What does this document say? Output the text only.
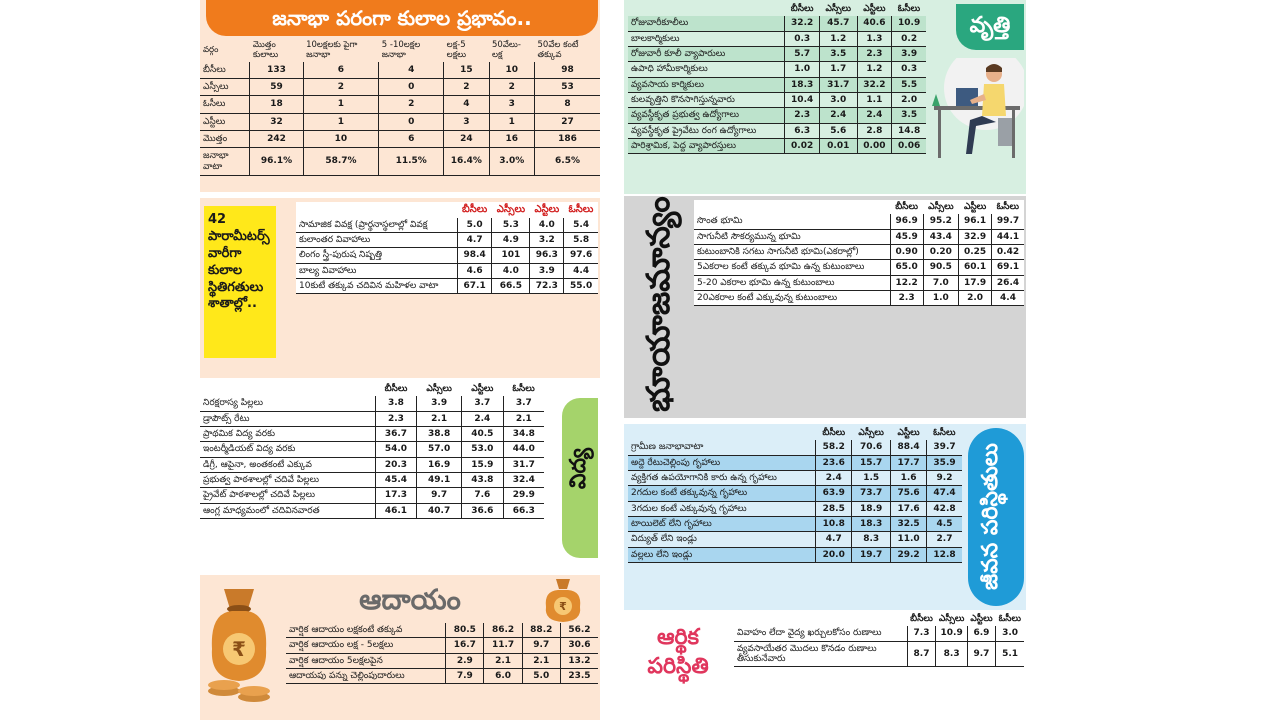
జనాభా పరంగా కులాల ప్రభావం..
వర్గం	మొత్తం కులాలు	10లక్షలకు పైగా జనాభా	5 -10లక్షల జనాభా	లక్ష-5 లక్షలు	50వేలు- లక్ష	50వేల కంటే తక్కువ
బీసీలు	133	6	4	15	10	98
ఎస్సీలు	59	2	0	2	2	53
ఓసీలు	18	1	2	4	3	8
ఎస్టీలు	32	1	0	3	1	27
మొత్తం	242	10	6	24	16	186
జనాభా వాటా	96.1%	58.7%	11.5%	16.4%	3.0%	6.5%
42 పారామీటర్స్ వారీగా కులాల స్థితిగతులు శాతాల్లో..
	బీసీలు	ఎస్సీలు	ఎస్టీలు	ఓసీలు
సామాజిక వివక్ష (ప్రార్థనాస్థలాల్లో వివక్ష	5.0	5.3	4.0	5.4
కులాంతర వివాహాలు	4.7	4.9	3.2	5.8
లింగం స్త్రీ-పురుష నిష్పత్తి	98.4	101	96.3	97.6
బాల్య వివాహాలు	4.6	4.0	3.9	4.4
10కుటే తక్కువ చదివిన మహిళల వాటా	67.1	66.5	72.3	55.0
	బీసీలు	ఎస్సీలు	ఎస్టీలు	ఓసీలు
నిరక్షరాస్య పిల్లలు	3.8	3.9	3.7	3.7
డ్రాపౌట్స్ రేటు	2.3	2.1	2.4	2.1
ప్రాథమిక విద్య వరకు	36.7	38.8	40.5	34.8
ఇంటర్మీడియట్ విద్య వరకు	54.0	57.0	53.0	44.0
డిగ్రీ, ఆపైనా, అంతకంటే ఎక్కువ	20.3	16.9	15.9	31.7
ప్రభుత్వ పాఠశాలల్లో చదివే పిల్లలు	45.4	49.1	43.8	32.4
ప్రైవేట్ పాఠశాలల్లో చదివే పిల్లలు	17.3	9.7	7.6	29.9
ఆంగ్ల మాధ్యమంలో చదివినవారత	46.1	40.7	36.6	66.3
విద్య
₹
ఆదాయం	₹
వార్షిక ఆదాయం లక్షకంటే తక్కువ	80.5	86.2	88.2	56.2
వార్షిక ఆదాయం లక్ష - 5లక్షలు	16.7	11.7	9.7	30.6
వార్షిక ఆదాయం 5లక్షలపైన	2.9	2.1	2.1	13.2
ఆదాయపు పన్ను చెల్లింపుదారులు	7.9	6.0	5.0	23.5
	బీసీలు	ఎస్సీలు	ఎస్టీలు	ఓసీలు
రోజువారీకూలీలు	32.2	45.7	40.6	10.9
బాలకార్మికులు	0.3	1.2	1.3	0.2
రోజువారీ కూలీ వ్యాపారులు	5.7	3.5	2.3	3.9
ఉపాధి హామీకార్మికులు	1.0	1.7	1.2	0.3
వ్యవసాయ కార్మికులు	18.3	31.7	32.2	5.5
కులవృత్తిని కొనసాగిస్తున్నవారు	10.4	3.0	1.1	2.0
వ్యవస్థీకృత ప్రభుత్వ ఉద్యోగాలు	2.3	2.4	2.4	3.5
వ్యవస్థీకృత ప్రైవేటు రంగ ఉద్యోగాలు	6.3	5.6	2.8	14.8
పారిశ్రామిక, పెద్ద వ్యాపారస్తులు	0.02	0.01	0.00	0.06
వృత్తి
భూయాజమాన్యం
		బీసీలు	ఎస్సీలు	ఎస్టీలు	ఓసీలు
సొంత భూమి	96.9	95.2	96.1	99.7
సాగునీటి సౌకర్యమున్న భూమి	45.9	43.4	32.9	44.1
కుటుంబానికి సగటు సాగునీటి భూమి(ఎకరాల్లో)	0.90	0.20	0.25	0.42
5ఎకరాల కంటే తక్కువ భూమి ఉన్న కుటుంబాలు	65.0	90.5	60.1	69.1
5-20 ఎకరాల భూమి ఉన్న కుటుంబాలు	12.2	7.0	17.9	26.4
20ఎకరాల కంటే ఎక్కువున్న కుటుంబాలు	2.3	1.0	2.0	4.4
	బీసీలు	ఎస్సీలు	ఎస్టీలు	ఓసీలు
గ్రామీణ జనాభావాటా	58.2	70.6	88.4	39.7
అద్దె రేటుచెల్లింపు గృహాలు	23.6	15.7	17.7	35.9
వ్యక్తిగత ఉపయోగానికి కారు ఉన్న గృహాలు	2.4	1.5	1.6	9.2
2గదుల కంటే తక్కువున్న గృహాలు	63.9	73.7	75.6	47.4
3గదుల కంటే ఎక్కువున్న గృహాలు	28.5	18.9	17.6	42.8
టాయిలెట్ లేని గృహాలు	10.8	18.3	32.5	4.5
విద్యుత్ లేని ఇండ్లు	4.7	8.3	11.0	2.7
వల్లలు లేని ఇండ్లు	20.0	19.7	29.2	12.8 జీవన పరిస్థితులు
ఆర్థిక పరిస్థితి
	బీసీలు	ఎస్సీలు	ఎస్టీలు	ఓసీలు
వివాహం లేదా వైద్య ఖర్చులకోసం రుణాలు	7.3	10.9	6.9	3.0
వ్యవసాయేతర మొదలు కొనడం రుణాలు తీసుకునేవారు	8.7	8.3	9.7	5.1
